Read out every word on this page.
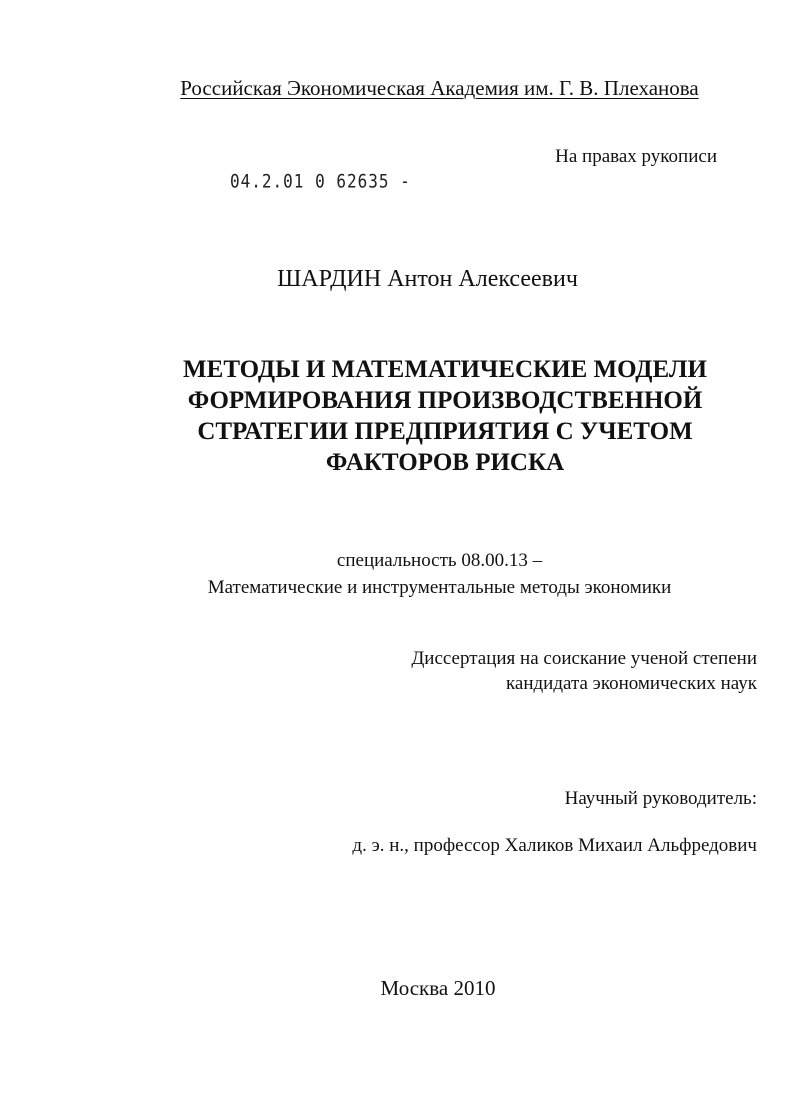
Российская Экономическая Академия им. Г. В. Плеханова
На правах рукописи
04.2.01 0 62635 -
ШАРДИН Антон Алексеевич
МЕТОДЫ И МАТЕМАТИЧЕСКИЕ МОДЕЛИ
ФОРМИРОВАНИЯ ПРОИЗВОДСТВЕННОЙ
СТРАТЕГИИ ПРЕДПРИЯТИЯ С УЧЕТОМ
ФАКТОРОВ РИСКА
специальность 08.00.13 –
Математические и инструментальные методы экономики
Диссертация на соискание ученой степени
кандидата экономических наук
Научный руководитель:
д. э. н., профессор Халиков Михаил Альфредович
Москва 2010
